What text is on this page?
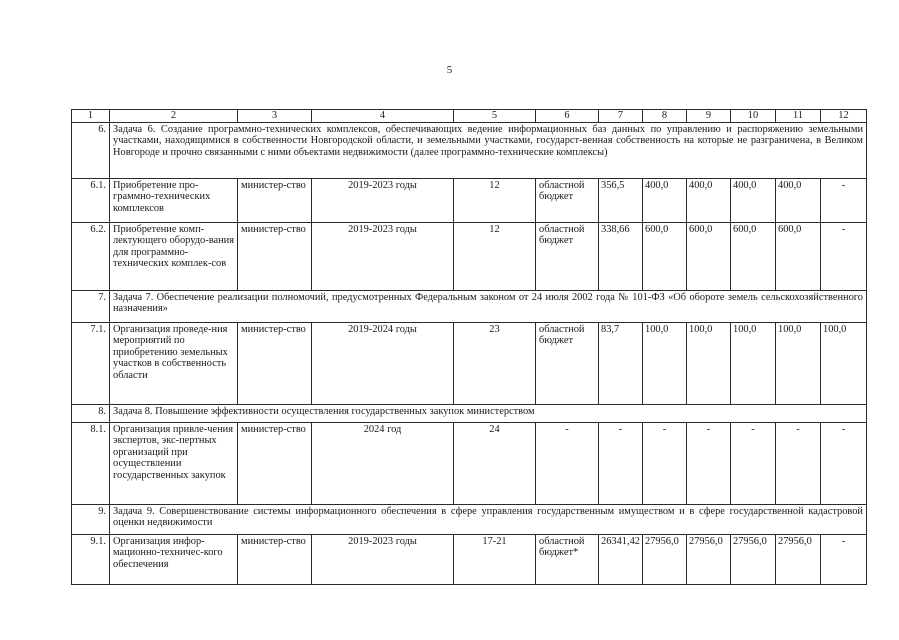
5
1	2	3	4	5	6	7	8	9	10	11	12
6.	Задача 6. Создание программно-технических комплексов, обеспечивающих ведение информационных баз данных по управлению и распоряжению земельными участками, находящимися в собственности Новгородской области, и земельными участками, государст-венная собственность на которые не разграничена, в Великом Новгороде и прочно связанными с ними объектами недвижимости (далее программно-технические комплексы)										
6.1.	Приобретение про-граммно-технических комплексов	министер-ство	2019-2023 годы	12	областной бюджет	356,5	400,0	400,0	400,0	400,0	-
6.2.	Приобретение комп-лектующего оборудо-вания для программно-технических комплек-сов	министер-ство	2019-2023 годы	12	областной бюджет	338,66	600,0	600,0	600,0	600,0	-
7.	Задача 7. Обеспечение реализации полномочий, предусмотренных Федеральным законом от 24 июля 2002 года № 101-ФЗ «Об обороте земель сельскохозяйственного назначения»										
7.1.	Организация проведе-ния мероприятий по приобретению земельных участков в собственность области	министер-ство	2019-2024 годы	23	областной бюджет	83,7	100,0	100,0	100,0	100,0	100,0
8.	Задача 8. Повышение эффективности осуществления государственных закупок министерством										
8.1.	Организация привле-чения экспертов, экс-пертных организаций при осуществлении государственных закупок	министер-ство	2024 год	24	-	-	-	-	-	-	-
9.	Задача 9. Совершенствование системы информационного обеспечения в сфере управления государственным имуществом и в сфере государственной кадастровой оценки недвижимости										
9.1.	Организация инфор-мационно-техничес-кого обеспечения	министер-ство	2019-2023 годы	17-21	областной бюджет*	26341,42	27956,0	27956,0	27956,0	27956,0	-
